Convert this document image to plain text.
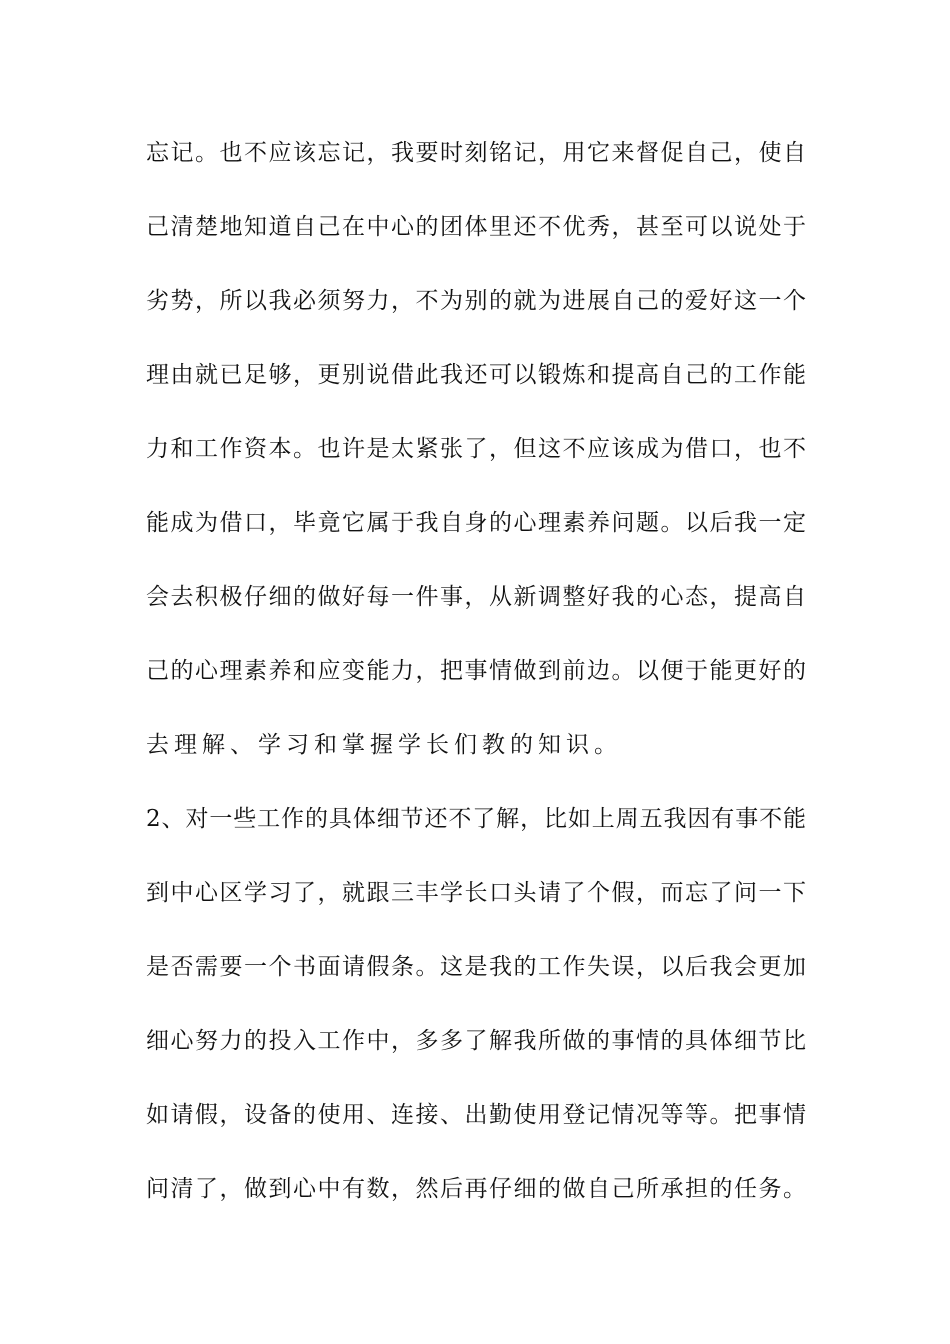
忘记。也不应该忘记，我要时刻铭记，用它来督促自己，使自
己清楚地知道自己在中心的团体里还不优秀，甚至可以说处于
劣势，所以我必须努力，不为别的就为进展自己的爱好这一个
理由就已足够，更别说借此我还可以锻炼和提高自己的工作能
力和工作资本。也许是太紧张了，但这不应该成为借口，也不
能成为借口，毕竟它属于我自身的心理素养问题。以后我一定
会去积极仔细的做好每一件事，从新调整好我的心态，提高自
己的心理素养和应变能力，把事情做到前边。以便于能更好的
去理解、学习和掌握学长们教的知识。
2、对一些工作的具体细节还不了解，比如上周五我因有事不能
到中心区学习了，就跟三丰学长口头请了个假，而忘了问一下
是否需要一个书面请假条。这是我的工作失误，以后我会更加
细心努力的投入工作中，多多了解我所做的事情的具体细节比
如请假，设备的使用、连接、出勤使用登记情况等等。把事情
问清了，做到心中有数，然后再仔细的做自己所承担的任务。
